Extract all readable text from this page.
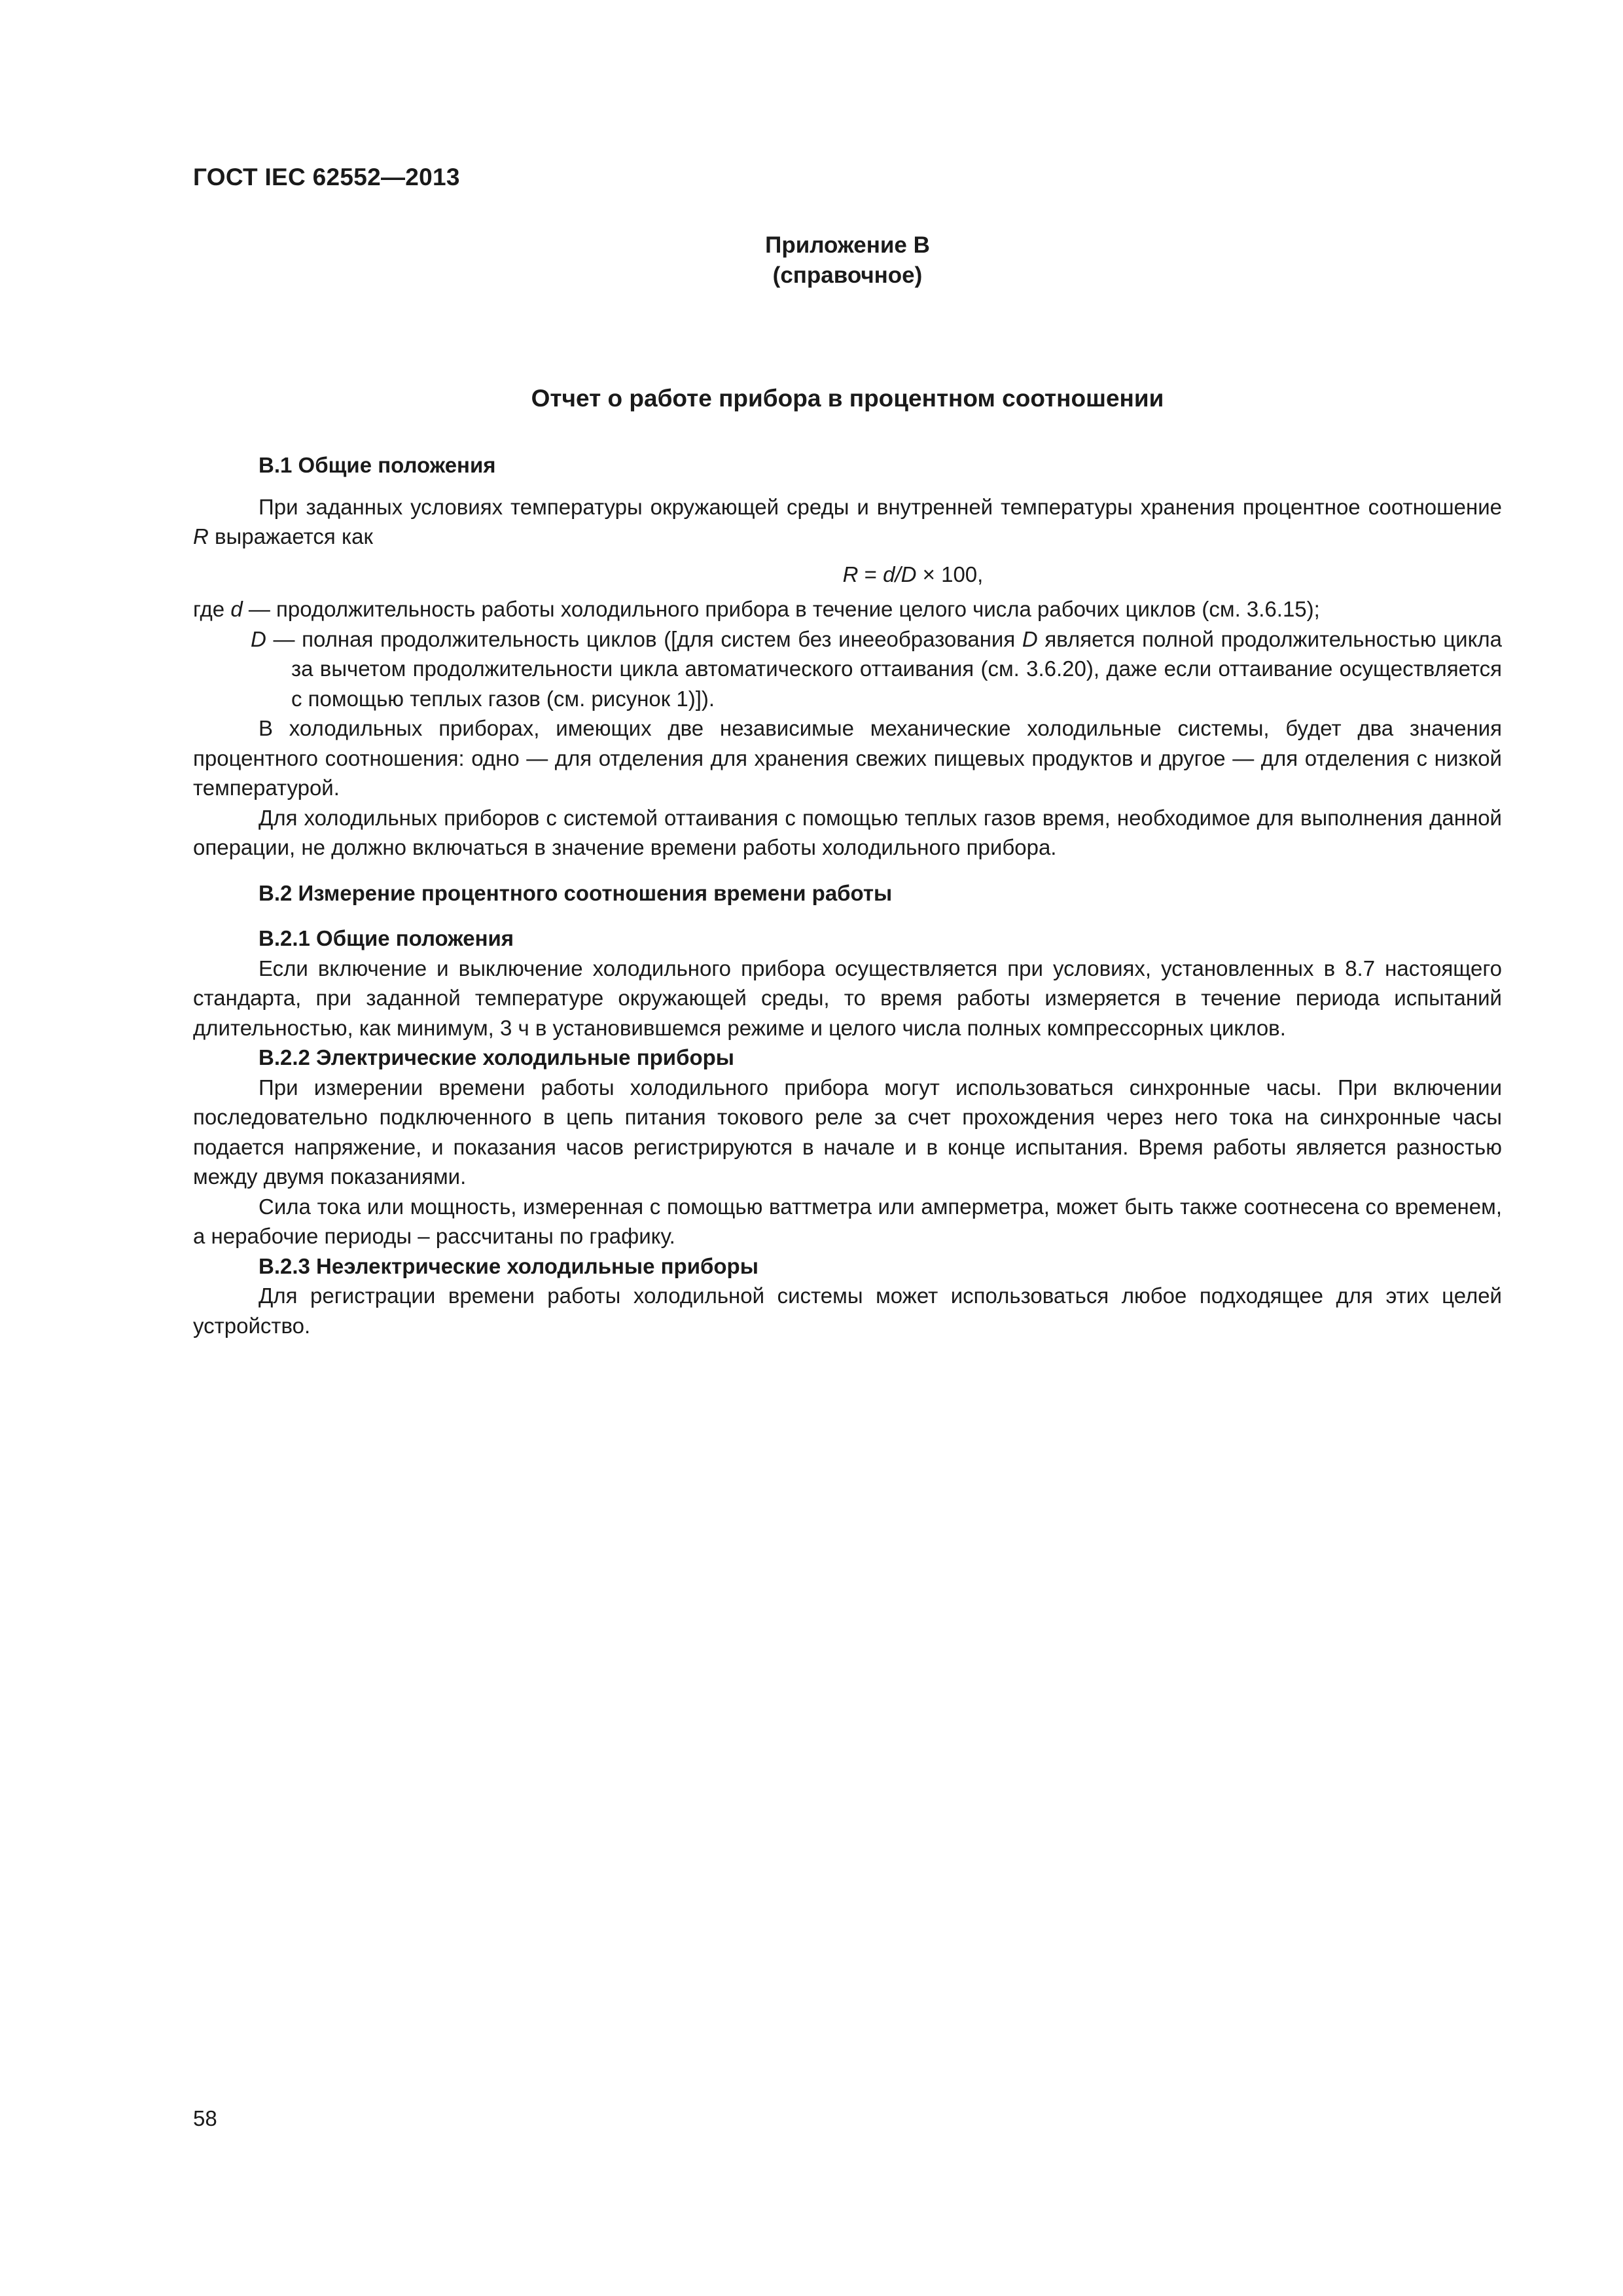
ГОСТ IEC 62552—2013
Приложение В
(справочное)
Отчет о работе прибора в процентном соотношении

В.1 Общие положения

При заданных условиях температуры окружающей среды и внутренней температуры хранения процентное соотношение R выражается как

R = d/D × 100,

где d — продолжительность работы холодильного прибора в течение целого числа рабочих циклов (см. 3.6.15);

D — полная продолжительность циклов ([для систем без инееобразования D является полной продолжительностью цикла за вычетом продолжительности цикла автоматического оттаивания (см. 3.6.20), даже если оттаивание осуществляется с помощью теплых газов (см. рисунок 1)]).

В холодильных приборах, имеющих две независимые механические холодильные системы, будет два значения процентного соотношения: одно — для отделения для хранения свежих пищевых продуктов и другое — для отделения с низкой температурой.

Для холодильных приборов с системой оттаивания с помощью теплых газов время, необходимое для выполнения данной операции, не должно включаться в значение времени работы холодильного прибора.

В.2 Измерение процентного соотношения времени работы

В.2.1 Общие положения

Если включение и выключение холодильного прибора осуществляется при условиях, установленных в 8.7 настоящего стандарта, при заданной температуре окружающей среды, то время работы измеряется в течение периода испытаний длительностью, как минимум, 3 ч в установившемся режиме и целого числа полных компрессорных циклов.

В.2.2 Электрические холодильные приборы

При измерении времени работы холодильного прибора могут использоваться синхронные часы. При включении последовательно подключенного в цепь питания токового реле за счет прохождения через него тока на синхронные часы подается напряжение, и показания часов регистрируются в начале и в конце испытания. Время работы является разностью между двумя показаниями.

Сила тока или мощность, измеренная с помощью ваттметра или амперметра, может быть также соотнесена со временем, а нерабочие периоды – рассчитаны по графику.

В.2.3 Неэлектрические холодильные приборы

Для регистрации времени работы холодильной системы может использоваться любое подходящее для этих целей устройство.

58
